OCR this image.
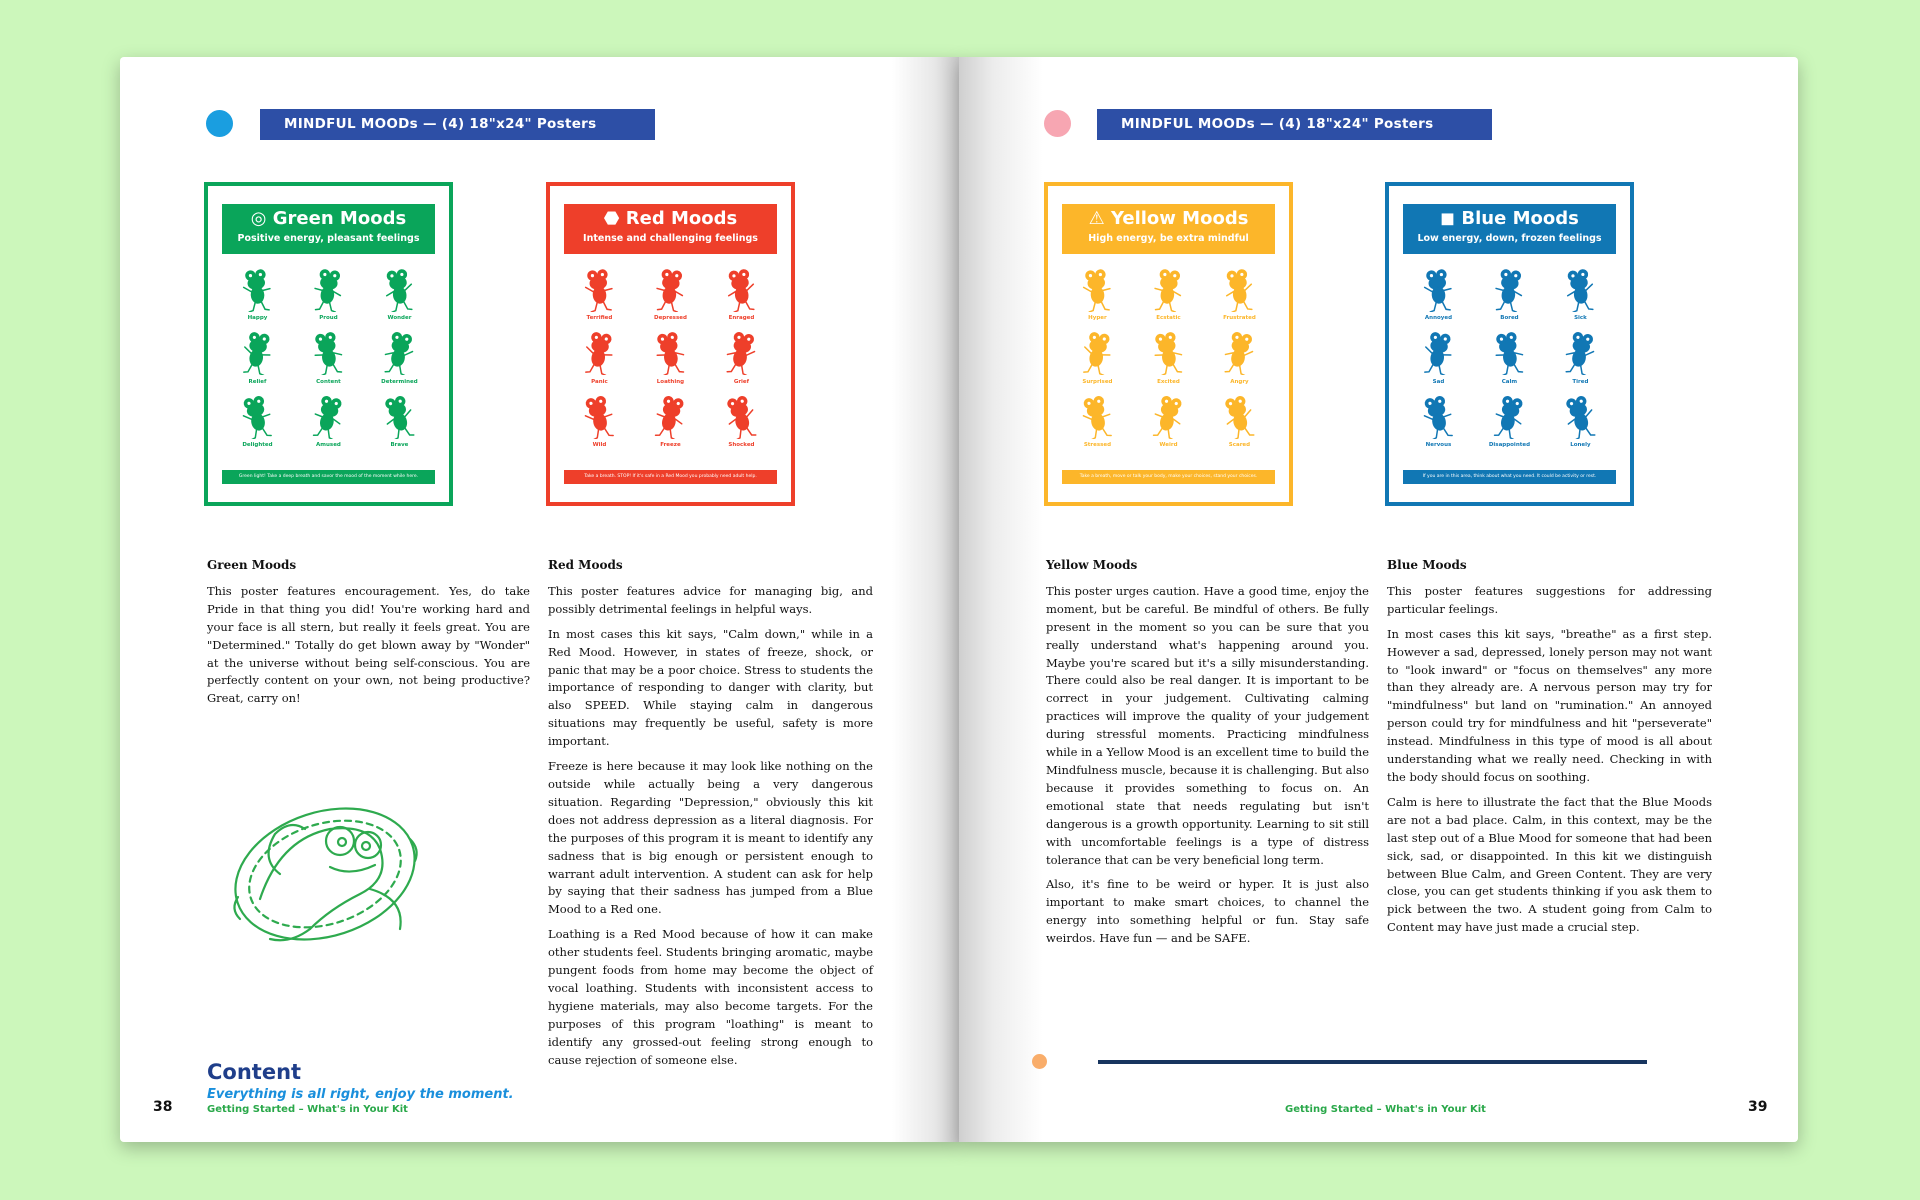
MINDFUL MOODs — (4) 18"x24" Posters
◎ Green Moods
Positive energy, pleasant feelings
Happy	Proud	Wonder
Relief	Content	Determined
Delighted	Amused	Brave
Green light! Take a deep breath and savor the mood of the moment while here.
⬣ Red Moods
Intense and challenging feelings
Terrified	Depressed	Enraged
Panic	Loathing	Grief
Wild	Freeze	Shocked
Take a breath. STOP! If it's safe in a Red Mood you probably need adult help.
Green Moods

This poster features encouragement. Yes, do take Pride in that thing you did! You're working hard and your face is all stern, but really it feels great. You are "Determined." Totally do get blown away by "Wonder" at the universe without being self-conscious. You are perfectly content on your own, not being productive? Great, carry on!

Content
Everything is all right, enjoy the moment.
Red Moods

This poster features advice for managing big, and possibly detrimental feelings in helpful ways.

In most cases this kit says, "Calm down," while in a Red Mood. However, in states of freeze, shock, or panic that may be a poor choice. Stress to students the importance of responding to danger with clarity, but also SPEED. While staying calm in dangerous situations may frequently be useful, safety is more important.

Freeze is here because it may look like nothing on the outside while actually being a very dangerous situation. Regarding "Depression," obviously this kit does not address depression as a literal diagnosis. For the purposes of this program it is meant to identify any sadness that is big enough or persistent enough to warrant adult intervention. A student can ask for help by saying that their sadness has jumped from a Blue Mood to a Red one.

Loathing is a Red Mood because of how it can make other students feel. Students bringing aromatic, maybe pungent foods from home may become the object of vocal loathing. Students with inconsistent access to hygiene materials, may also become targets. For the purposes of this program "loathing" is meant to identify any grossed-out feeling strong enough to cause rejection of someone else.

38	Getting Started – What's in Your Kit
MINDFUL MOODs — (4) 18"x24" Posters
⚠ Yellow Moods
High energy, be extra mindful
Hyper	Ecstatic	Frustrated
Surprised	Excited	Angry
Stressed	Weird	Scared
Take a breath, move or talk your body, make your choices, stand your choices.
◼ Blue Moods
Low energy, down, frozen feelings
Annoyed	Bored	Sick
Sad	Calm	Tired
Nervous	Disappointed	Lonely
If you are in this area, think about what you need. It could be activity or rest.
Yellow Moods

This poster urges caution. Have a good time, enjoy the moment, but be careful. Be mindful of others. Be fully present in the moment so you can be sure that you really understand what's happening around you. Maybe you're scared but it's a silly misunderstanding. There could also be real danger. It is important to be correct in your judgement. Cultivating calming practices will improve the quality of your judgement during stressful moments. Practicing mindfulness while in a Yellow Mood is an excellent time to build the Mindfulness muscle, because it is challenging. But also because it provides something to focus on. An emotional state that needs regulating but isn't dangerous is a growth opportunity. Learning to sit still with uncomfortable feelings is a type of distress tolerance that can be very beneficial long term.

Also, it's fine to be weird or hyper. It is just also important to make smart choices, to channel the energy into something helpful or fun. Stay safe weirdos. Have fun — and be SAFE.

Blue Moods

This poster features suggestions for addressing particular feelings.

In most cases this kit says, "breathe" as a first step. However a sad, depressed, lonely person may not want to "look inward" or "focus on themselves" any more than they already are. A nervous person may try for "mindfulness" but land on "rumination." An annoyed person could try for mindfulness and hit "perseverate" instead. Mindfulness in this type of mood is all about understanding what we really need. Checking in with the body should focus on soothing.

Calm is here to illustrate the fact that the Blue Moods are not a bad place. Calm, in this context, may be the last step out of a Blue Mood for someone that had been sick, sad, or disappointed. In this kit we distinguish between Blue Calm, and Green Content. They are very close, you can get students thinking if you ask them to pick between the two. A student going from Calm to Content may have just made a crucial step.

Getting Started – What's in Your Kit	39
